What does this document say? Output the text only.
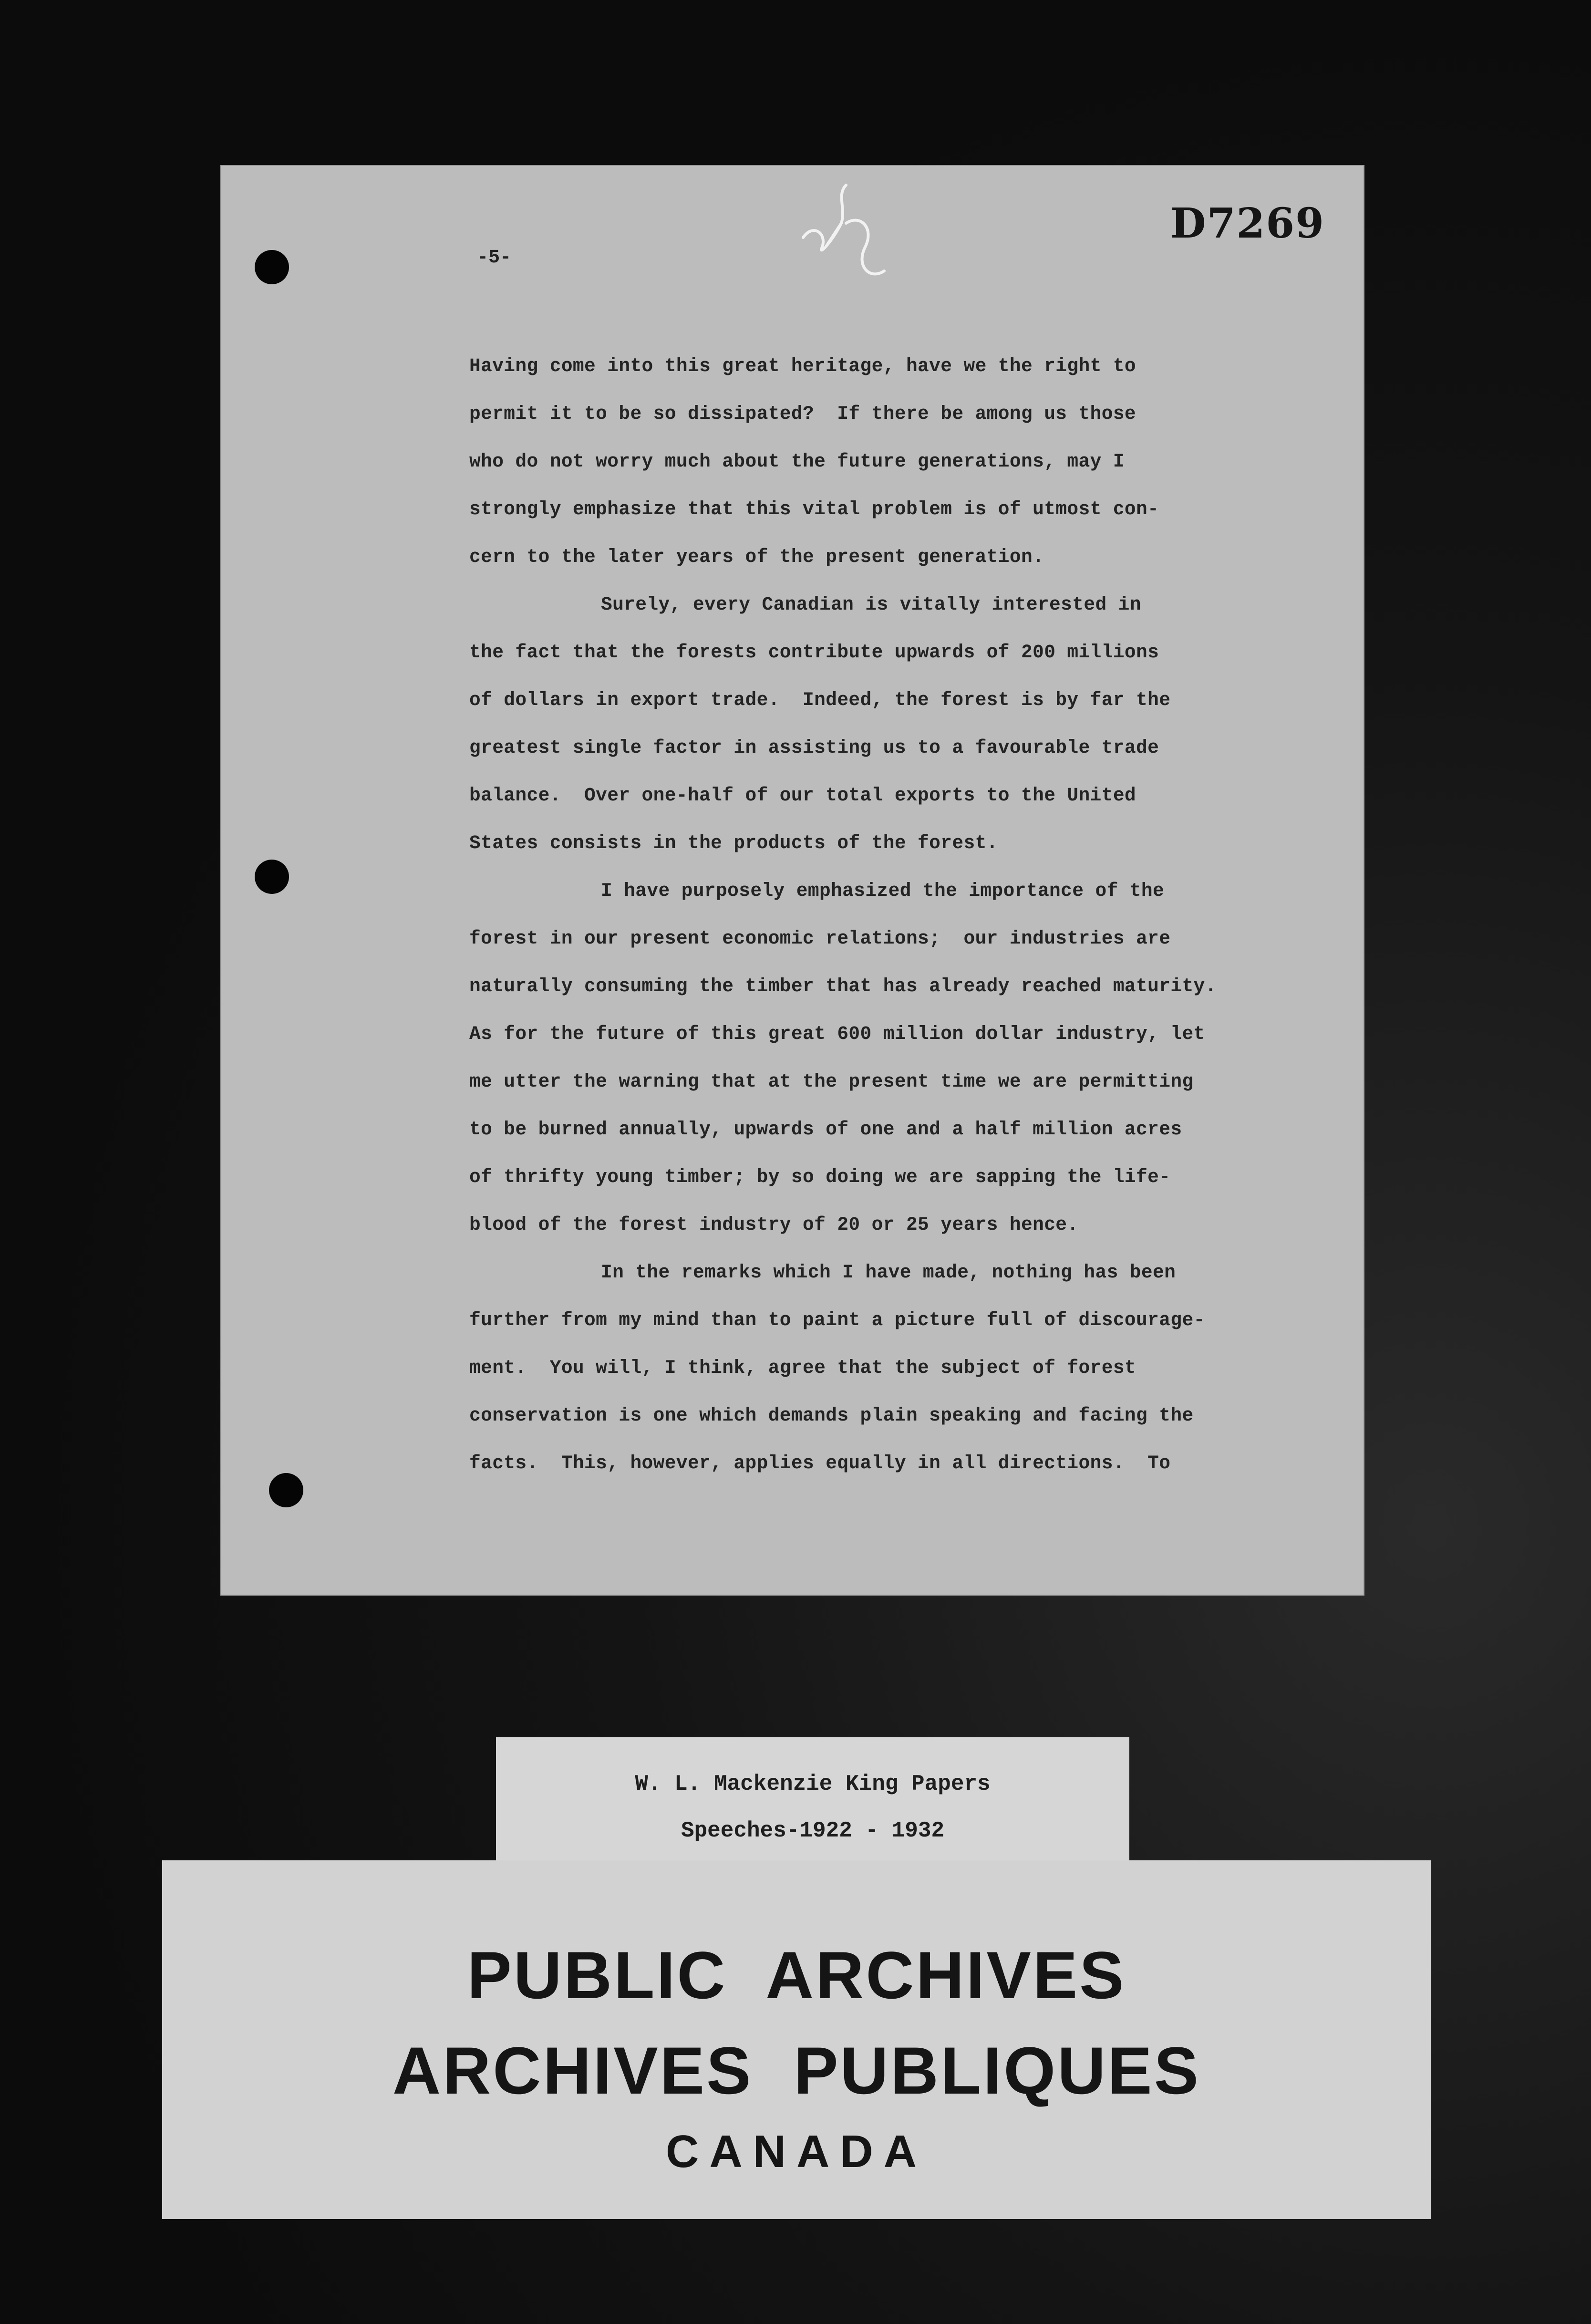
-5-
D7269
Having come into this great heritage, have we the right to
permit it to be so dissipated?  If there be among us those
who do not worry much about the future generations, may I
strongly emphasize that this vital problem is of utmost con-
cern to the later years of the present generation.
Surely, every Canadian is vitally interested in
the fact that the forests contribute upwards of 200 millions
of dollars in export trade.  Indeed, the forest is by far the
greatest single factor in assisting us to a favourable trade
balance.  Over one-half of our total exports to the United
States consists in the products of the forest.
I have purposely emphasized the importance of the
forest in our present economic relations;  our industries are
naturally consuming the timber that has already reached maturity.
As for the future of this great 600 million dollar industry, let
me utter the warning that at the present time we are permitting
to be burned annually, upwards of one and a half million acres
of thrifty young timber; by so doing we are sapping the life-
blood of the forest industry of 20 or 25 years hence.
In the remarks which I have made, nothing has been
further from my mind than to paint a picture full of discourage-
ment.  You will, I think, agree that the subject of forest
conservation is one which demands plain speaking and facing the
facts.  This, however, applies equally in all directions.  To
W. L. Mackenzie King Papers
Speeches-1922 - 1932
PUBLIC  ARCHIVES
ARCHIVES  PUBLIQUES
CANADA
